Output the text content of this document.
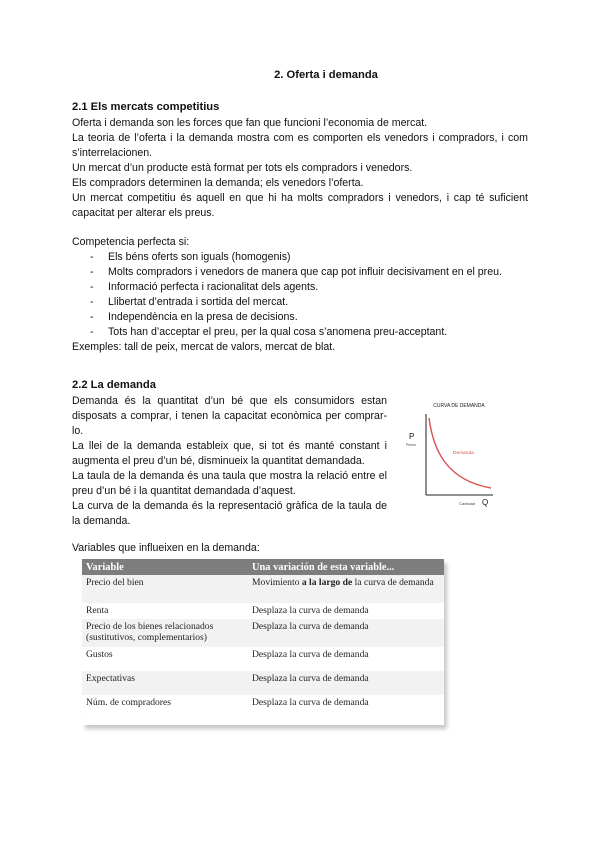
2. Oferta i demanda
2.1 Els mercats competitius

Oferta i demanda son les forces que fan que funcioni l’economia de mercat.

La teoria de l’oferta i la demanda mostra com es comporten els venedors i compradors, i com s’interrelacionen.

Un mercat d’un producte està format per tots els compradors i venedors.

Els compradors determinen la demanda; els venedors l’oferta.

Un mercat competitiu és aquell en que hi ha molts compradors i venedors, i cap té suficient capacitat per alterar els preus.

Competencia perfecta si:

- Els béns oferts son iguals (homogenis)
- Molts compradors i venedors de manera que cap pot influir decisivament en el preu.
- Informació perfecta i racionalitat dels agents.
- Llibertat d’entrada i sortida del mercat.
- Independència en la presa de decisions.
- Tots han d’acceptar el preu, per la qual cosa s’anomena preu-acceptant.

Exemples: tall de peix, mercat de valors, mercat de blat.

2.2 La demanda

Demanda és la quantitat d’un bé que els consumidors estan disposats a comprar, i tenen la capacitat econòmica per comprar-lo.

La llei de la demanda estableix que, si tot és manté constant i augmenta el preu d’un bé, disminueix la quantitat demandada.

La taula de la demanda és una taula que mostra la relació entre el preu d’un bé i la quantitat demandada d’aquest.

La curva de la demanda és la representació gràfica de la taula de la demanda.

CURVA DE DEMANDA
P
Precio
Demanda
Cantidad Q
Variables que influeixen en la demanda:
Variable	Una variación de esta variable...
Precio del bien	Movimiento a la largo de la curva de demanda
Renta	Desplaza la curva de demanda
Precio de los bienes relacionados (sustitutivos, complementarios)	Desplaza la curva de demanda
Gustos	Desplaza la curva de demanda
Expectativas	Desplaza la curva de demanda
Núm. de compradores	Desplaza la curva de demanda
